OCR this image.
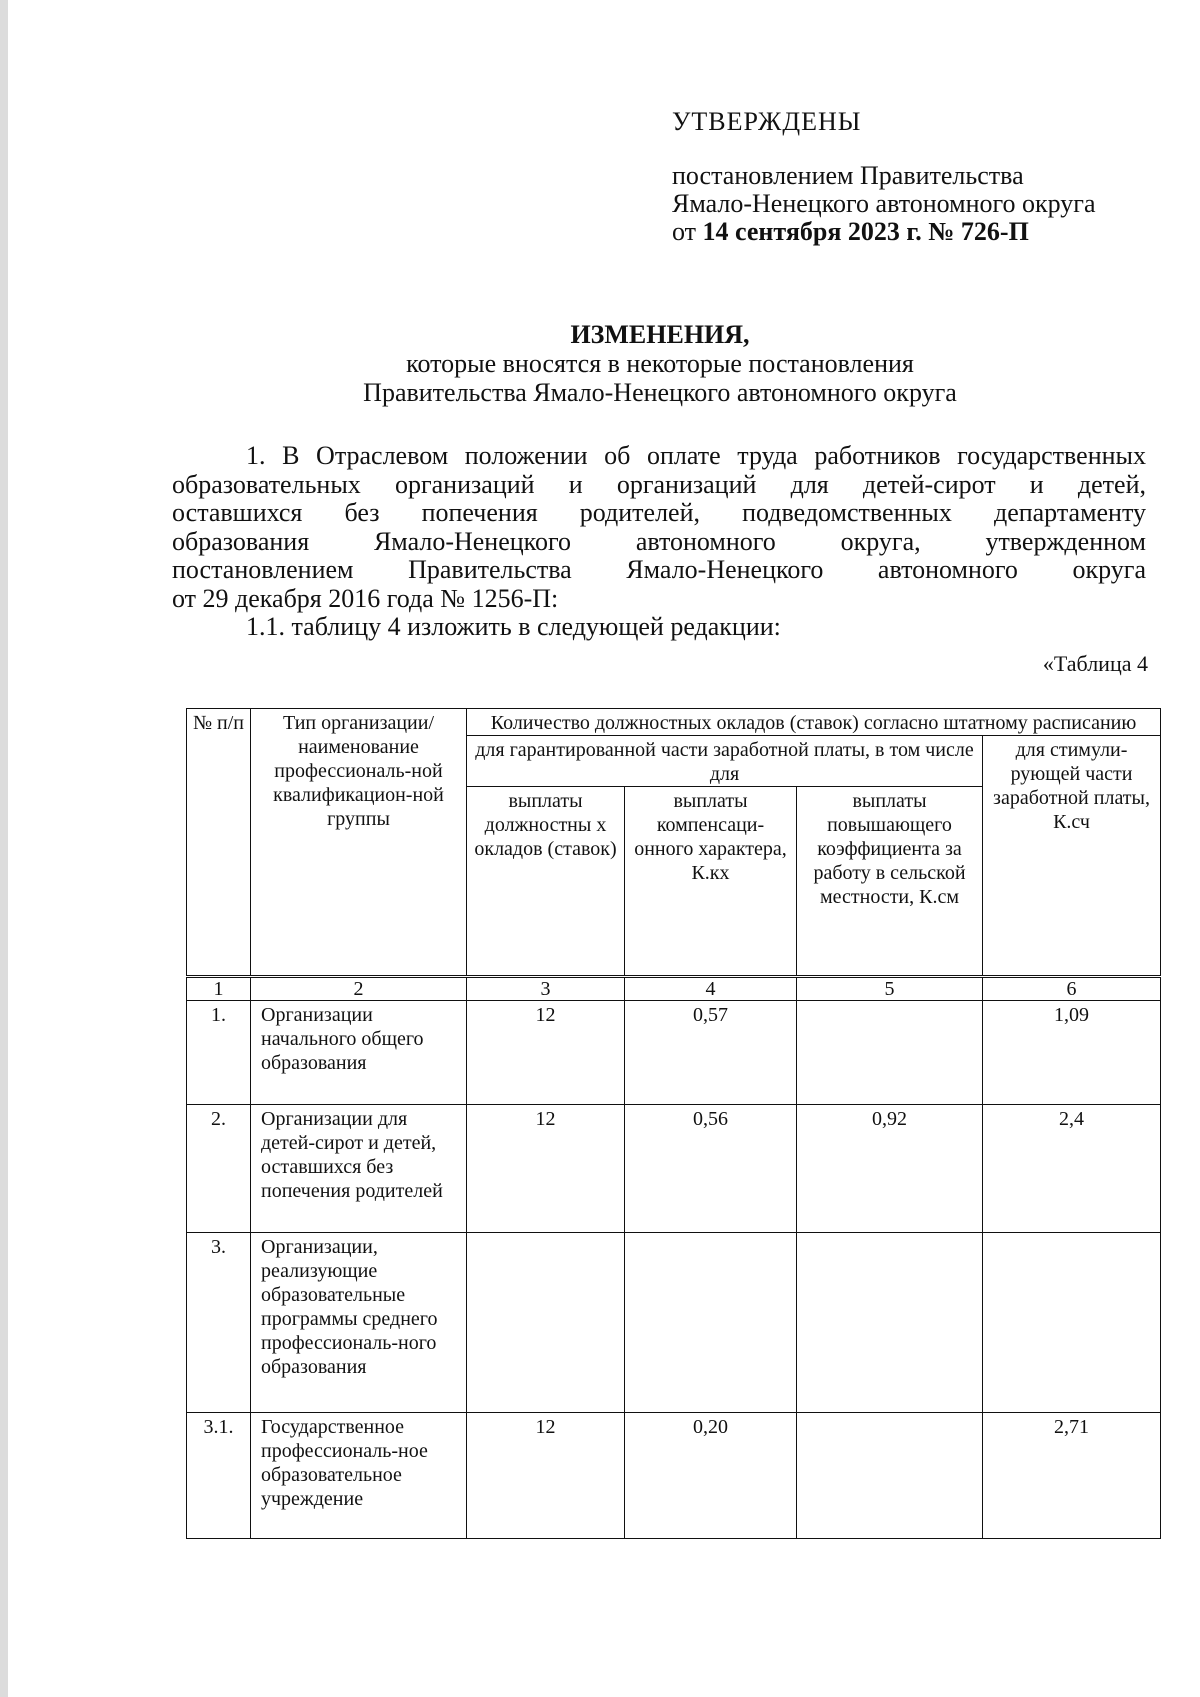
УТВЕРЖДЕНЫ
постановлением Правительства
Ямало-Ненецкого автономного округа
от 14 сентября 2023 г. № 726-П
ИЗМЕНЕНИЯ,
которые вносятся в некоторые постановления
Правительства Ямало-Ненецкого автономного округа
1. В Отраслевом положении об оплате труда работников государственных
образовательных организаций и организаций для детей-сирот и детей,
оставшихся без попечения родителей, подведомственных департаменту
образования Ямало-Ненецкого автономного округа, утвержденном
постановлением Правительства Ямало-Ненецкого автономного округа
от 29 декабря 2016 года № 1256-П:
1.1. таблицу 4 изложить в следующей редакции:
«Таблица 4
№ п/п	Тип организации/ наименование профессиональ-ной квалификацион-ной группы	Количество должностных окладов (ставок) согласно штатному расписанию			
		для гарантированной части заработной платы, в том числе для			для стимули-рующей части заработной платы, К.сч
		выплаты должностны х окладов (ставок)	выплаты компенсаци-онного характера, К.кх	выплаты повышающего коэффициента за работу в сельской местности, К.см	
1	2	3	4	5	6
1.	Организации начального общего образования	12	0,57		1,09
2.	Организации для детей-сирот и детей, оставшихся без попечения родителей	12	0,56	0,92	2,4
3.	Организации, реализующие образовательные программы среднего профессиональ-ного образования				
3.1.	Государственное профессиональ-ное образовательное учреждение	12	0,20		2,71
